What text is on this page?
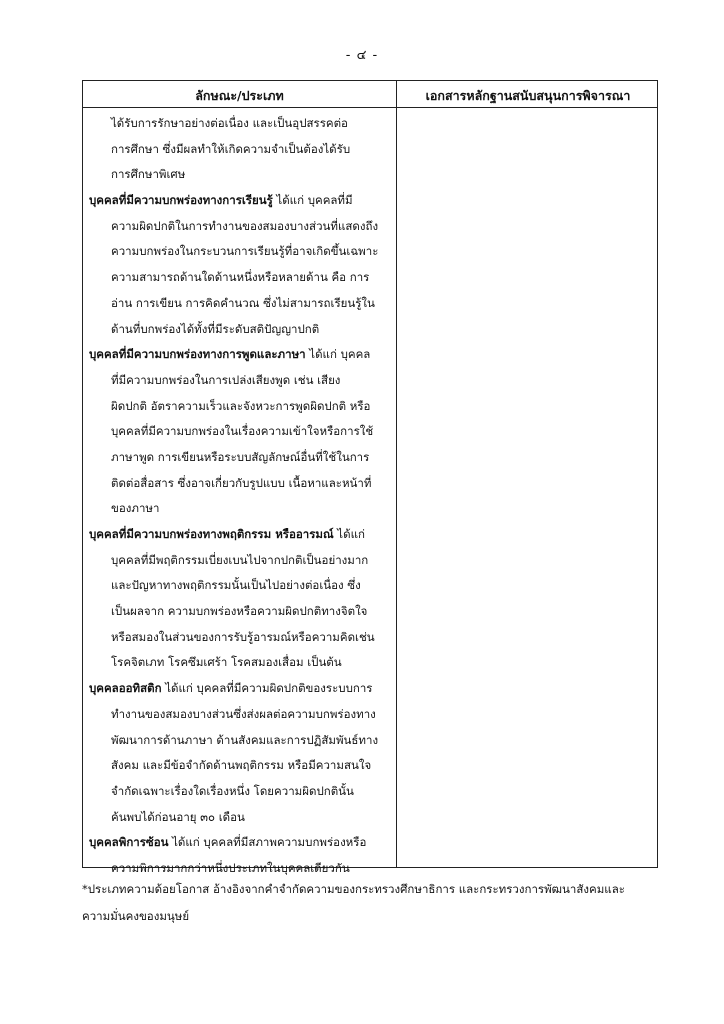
- ๔ -
ลักษณะ/ประเภท	เอกสารหลักฐานสนับสนุนการพิจารณา
ได้รับการรักษาอย่างต่อเนื่อง และเป็นอุปสรรคต่อ
การศึกษา ซึ่งมีผลทำให้เกิดความจำเป็นต้องได้รับ
การศึกษาพิเศษ
บุคคลที่มีความบกพร่องทางการเรียนรู้ ได้แก่ บุคคลที่มี
ความผิดปกติในการทำงานของสมองบางส่วนที่แสดงถึง
ความบกพร่องในกระบวนการเรียนรู้ที่อาจเกิดขึ้นเฉพาะ
ความสามารถด้านใดด้านหนึ่งหรือหลายด้าน คือ การ
อ่าน การเขียน การคิดคำนวณ ซึ่งไม่สามารถเรียนรู้ใน
ด้านที่บกพร่องได้ทั้งที่มีระดับสติปัญญาปกติ
บุคคลที่มีความบกพร่องทางการพูดและภาษา ได้แก่ บุคคล
ที่มีความบกพร่องในการเปล่งเสียงพูด เช่น เสียง
ผิดปกติ อัตราความเร็วและจังหวะการพูดผิดปกติ หรือ
บุคคลที่มีความบกพร่องในเรื่องความเข้าใจหรือการใช้
ภาษาพูด การเขียนหรือระบบสัญลักษณ์อื่นที่ใช้ในการ
ติดต่อสื่อสาร ซึ่งอาจเกี่ยวกับรูปแบบ เนื้อหาและหน้าที่
ของภาษา
บุคคลที่มีความบกพร่องทางพฤติกรรม หรืออารมณ์ ได้แก่
บุคคลที่มีพฤติกรรมเบี่ยงเบนไปจากปกติเป็นอย่างมาก
และปัญหาทางพฤติกรรมนั้นเป็นไปอย่างต่อเนื่อง ซึ่ง
เป็นผลจาก ความบกพร่องหรือความผิดปกติทางจิตใจ
หรือสมองในส่วนของการรับรู้อารมณ์หรือความคิดเช่น
โรคจิตเภท โรคซึมเศร้า โรคสมองเสื่อม เป็นต้น
บุคคลออทิสติก ได้แก่ บุคคลที่มีความผิดปกติของระบบการ
ทำงานของสมองบางส่วนซึ่งส่งผลต่อความบกพร่องทาง
พัฒนาการด้านภาษา ด้านสังคมและการปฏิสัมพันธ์ทาง
สังคม และมีข้อจำกัดด้านพฤติกรรม หรือมีความสนใจ
จำกัดเฉพาะเรื่องใดเรื่องหนึ่ง โดยความผิดปกตินั้น
ค้นพบได้ก่อนอายุ ๓๐ เดือน
บุคคลพิการซ้อน ได้แก่ บุคคลที่มีสภาพความบกพร่องหรือ
ความพิการมากกว่าหนึ่งประเภทในบุคคลเดียวกัน
*ประเภทความด้อยโอกาส อ้างอิงจากคำจำกัดความของกระทรวงศึกษาธิการ และกระทรวงการพัฒนาสังคมและ
ความมั่นคงของมนุษย์
